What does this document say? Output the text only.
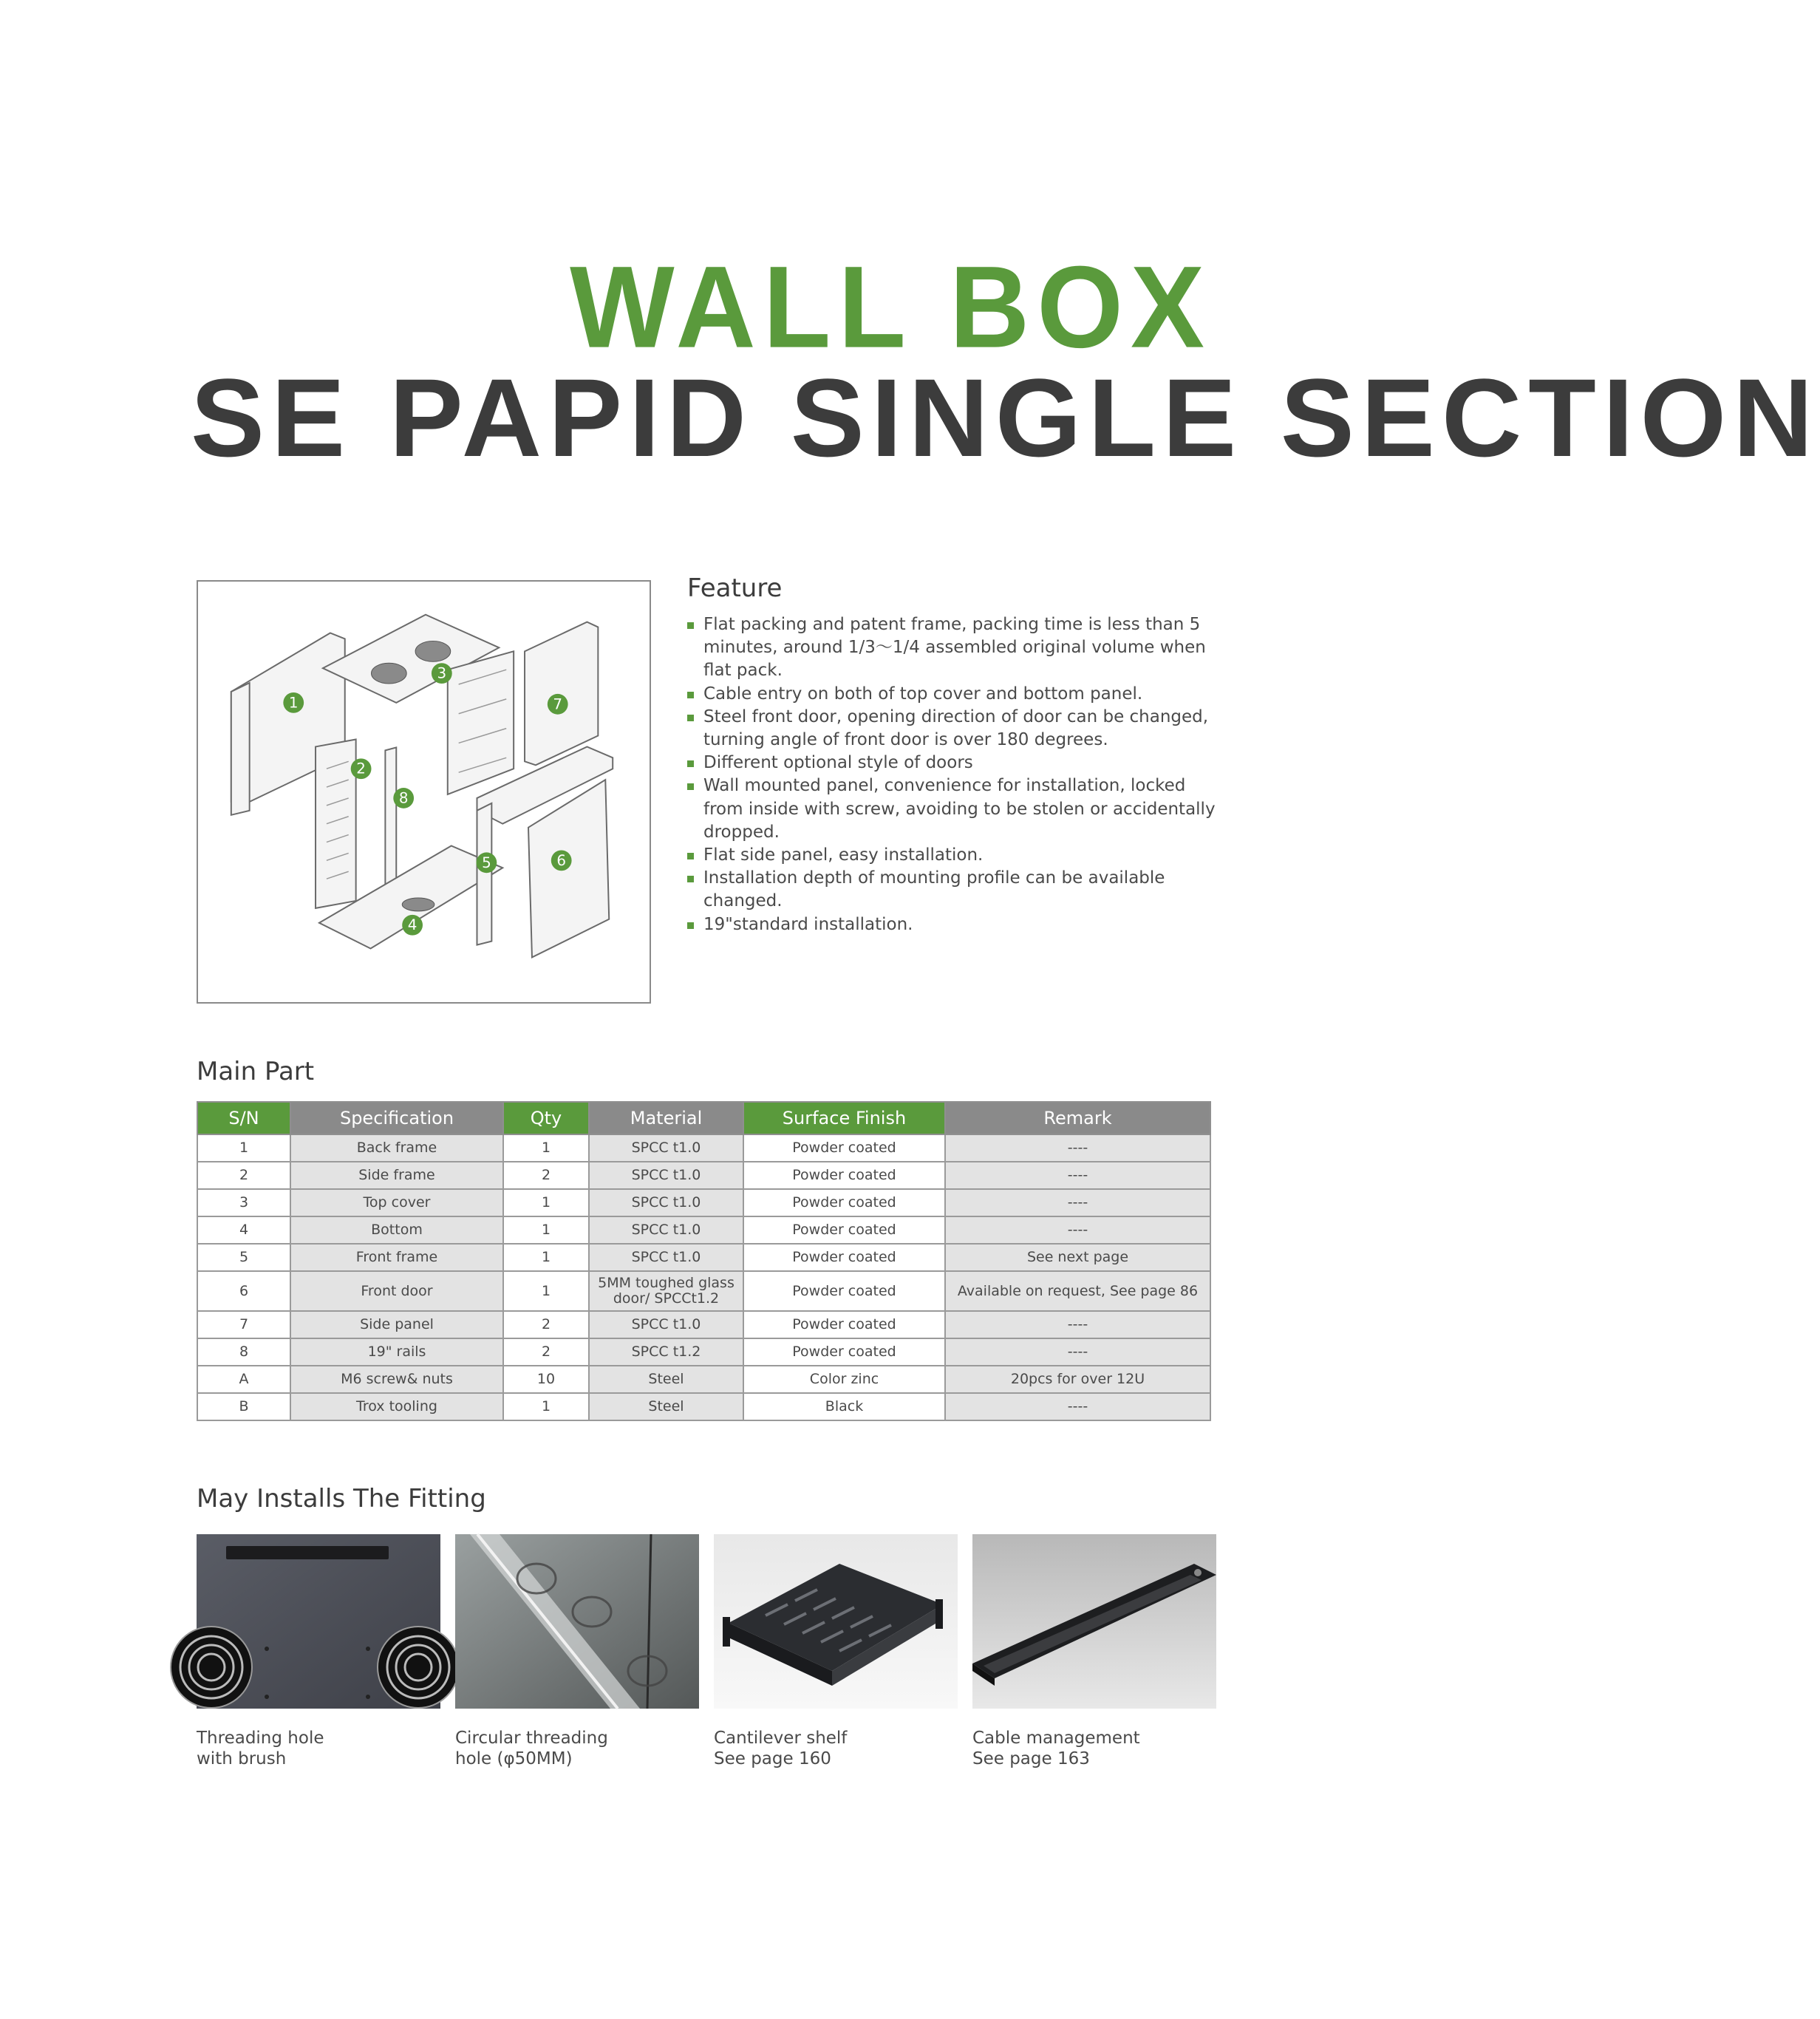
WALL BOX
SE PAPID SINGLE SECTION
1
2
3
4
5	6
7
8
Feature
Flat packing and patent frame, packing time is less than 5 minutes, around 1/3～1/4 assembled original volume when flat pack.
Cable entry on both of top cover and bottom panel.
Steel front door, opening direction of door can be changed, turning angle of front door is over 180 degrees.
Different optional style of doors
Wall mounted panel, convenience for installation, locked from inside with screw, avoiding to be stolen or accidentally dropped.
Flat side panel, easy installation.
Installation depth of mounting profile can be available changed.
19"standard installation.
Main Part
S/N	Specification	Qty	Material	Surface Finish	Remark
1	Back frame	1	SPCC t1.0	Powder coated	----
2	Side frame	2	SPCC t1.0	Powder coated	----
3	Top cover	1	SPCC t1.0	Powder coated	----
4	Bottom	1	SPCC t1.0	Powder coated	----
5	Front frame	1	SPCC t1.0	Powder coated	See next page
6	Front door	1	5MM toughed glass door/ SPCCt1.2	Powder coated	Available on request, See page 86
7	Side panel	2	SPCC t1.0	Powder coated	----
8	19" rails	2	SPCC t1.2	Powder coated	----
A	M6 screw& nuts	10	Steel	Color zinc	20pcs for over 12U
B	Trox tooling	1	Steel	Black	----
May Installs The Fitting
Threading hole
with brush
Circular threading
hole (φ50MM)
Cantilever shelf
See page 160
Cable management
See page 163
